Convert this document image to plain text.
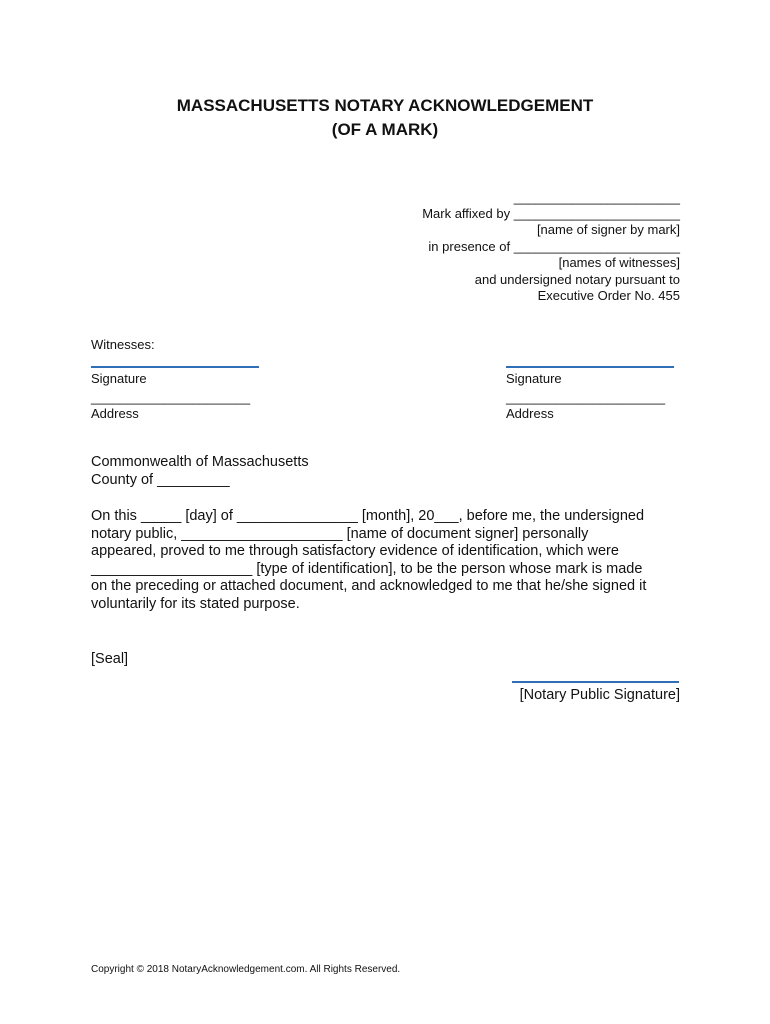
MASSACHUSETTS NOTARY ACKNOWLEDGEMENT
(OF A MARK)
_______________________
Mark affixed by _______________________
[name of signer by mark]
in presence of _______________________
[names of witnesses]
and undersigned notary pursuant to
Executive Order No. 455
Witnesses:
Signature
______________________
Address
Signature
______________________
Address
Commonwealth of Massachusetts
County of _________
On this _____ [day] of _______________ [month], 20___, before me, the undersigned
notary public, ____________________ [name of document signer] personally
appeared, proved to me through satisfactory evidence of identification, which were
____________________ [type of identification], to be the person whose mark is made
on the preceding or attached document, and acknowledged to me that he/she signed it
voluntarily for its stated purpose.
[Seal]
[Notary Public Signature]
Copyright © 2018 NotaryAcknowledgement.com. All Rights Reserved.
